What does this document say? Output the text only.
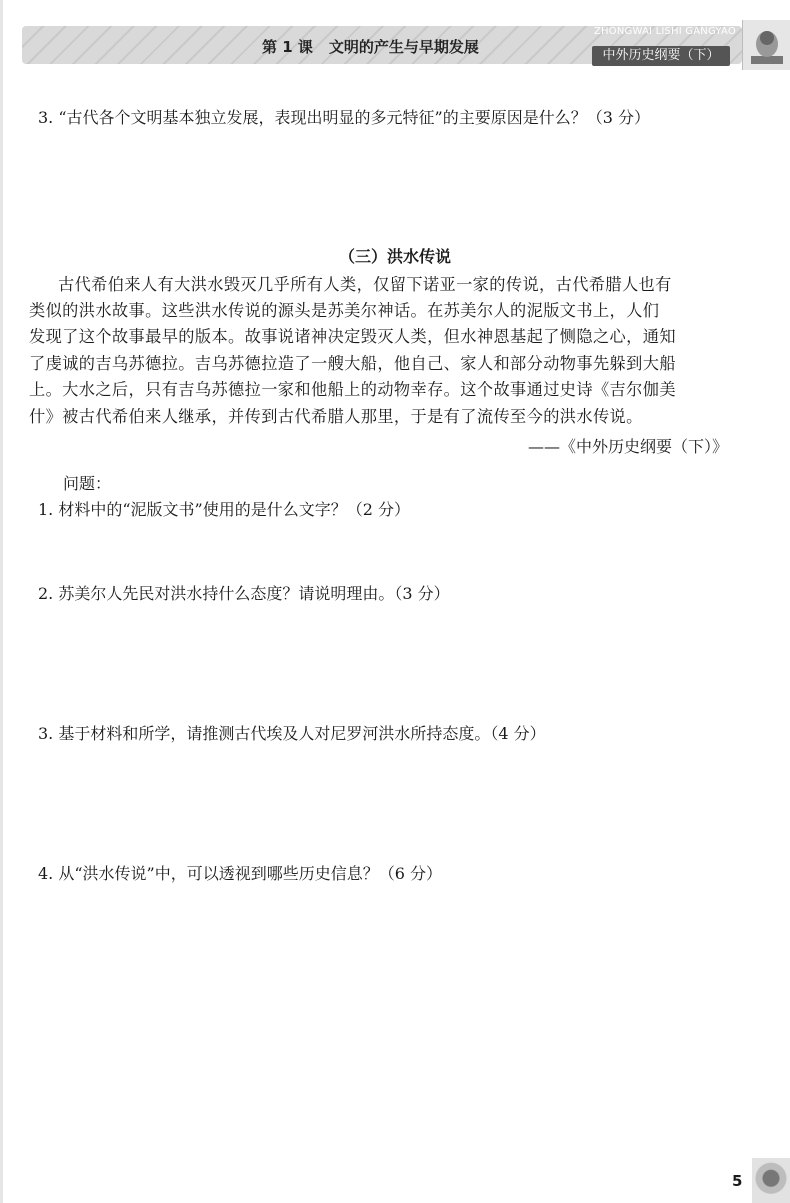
第 1 课 文明的产生与早期发展
ZHONGWAI LISHI GANGYAO
中外历史纲要（下）
3. “古代各个文明基本独立发展，表现出明显的多元特征”的主要原因是什么？（3 分）
（三）洪水传说
古代希伯来人有大洪水毁灭几乎所有人类，仅留下诺亚一家的传说，古代希腊人也有
类似的洪水故事。这些洪水传说的源头是苏美尔神话。在苏美尔人的泥版文书上，人们
发现了这个故事最早的版本。故事说诸神决定毁灭人类，但水神恩基起了恻隐之心，通知
了虔诚的吉乌苏德拉。吉乌苏德拉造了一艘大船，他自己、家人和部分动物事先躲到大船
上。大水之后，只有吉乌苏德拉一家和他船上的动物幸存。这个故事通过史诗《吉尔伽美
什》被古代希伯来人继承，并传到古代希腊人那里，于是有了流传至今的洪水传说。
——《中外历史纲要（下）》
问题：
1. 材料中的“泥版文书”使用的是什么文字？（2 分）
2. 苏美尔人先民对洪水持什么态度？请说明理由。（3 分）
3. 基于材料和所学，请推测古代埃及人对尼罗河洪水所持态度。（4 分）
4. 从“洪水传说”中，可以透视到哪些历史信息？（6 分）
5
